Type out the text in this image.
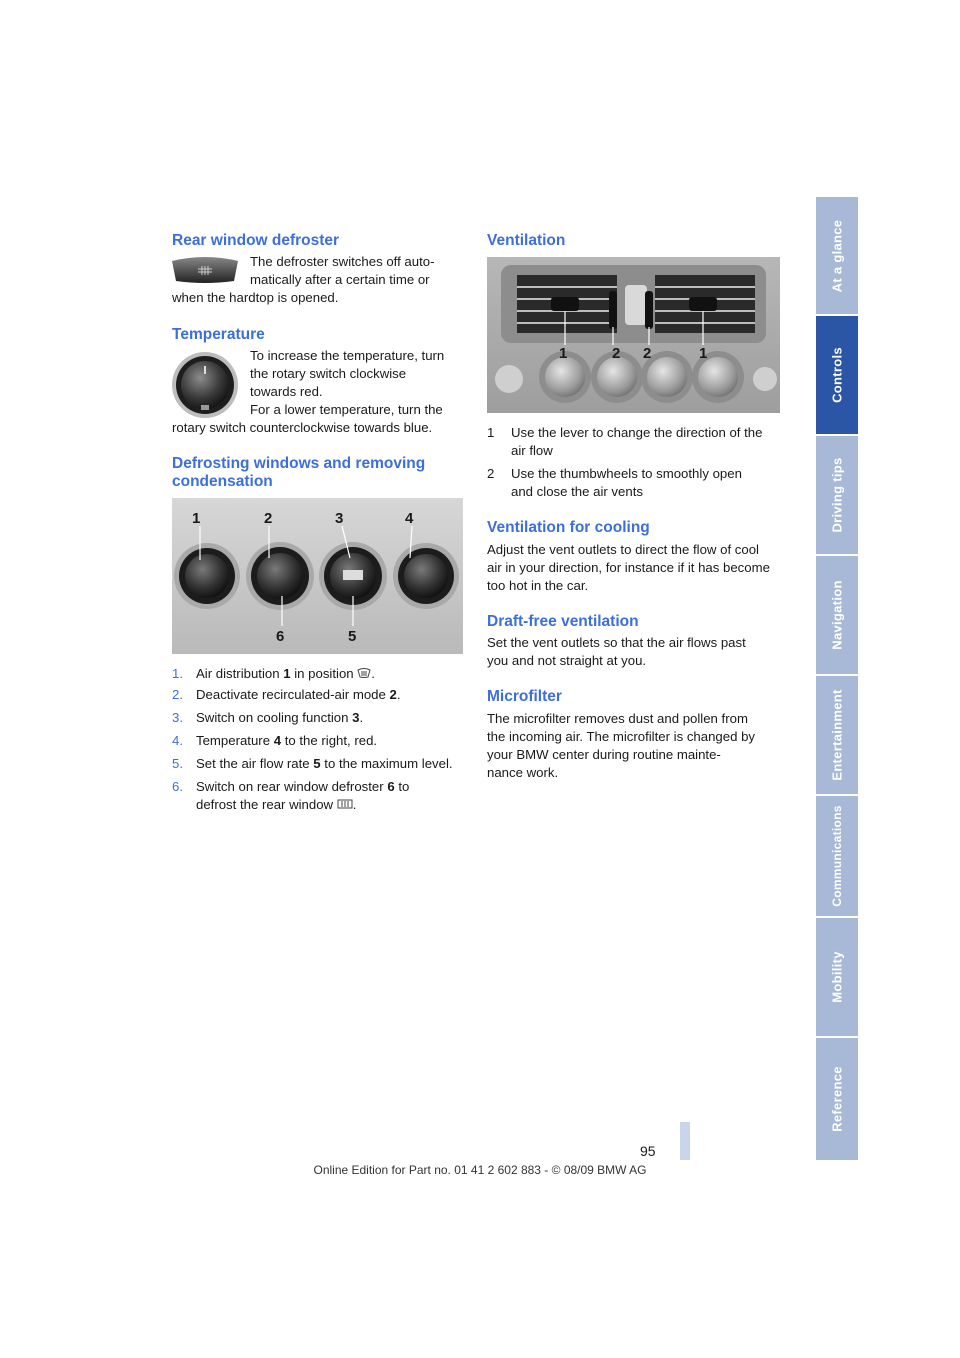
Rear window defroster

The defroster switches off auto-

matically after a certain time or

when the hardtop is opened.

Temperature

To increase the temperature, turn

the rotary switch clockwise

towards red.

For a lower temperature, turn the

rotary switch counterclockwise towards blue.

Defrosting windows and removing
condensation
1	2	3	4
6	5
1. Air distribution 1 in position .
2. Deactivate recirculated-air mode 2.
3. Switch on cooling function 3.
4. Temperature 4 to the right, red.
5. Set the air flow rate 5 to the maximum level.
6. Switch on rear window defroster 6 to
defrost the rear window .
Ventilation
1	2 2	1
1 Use the lever to change the direction of the
air flow
2 Use the thumbwheels to smoothly open
and close the air vents
Ventilation for cooling

Adjust the vent outlets to direct the flow of cool

air in your direction, for instance if it has become

too hot in the car.

Draft-free ventilation

Set the vent outlets so that the air flows past

you and not straight at you.

Microfilter

The microfilter removes dust and pollen from

the incoming air. The microfilter is changed by

your BMW center during routine mainte-

nance work.

At a glance
Controls
Driving tips
Navigation
Entertainment
Communications
Mobility
Reference
95
Online Edition for Part no. 01 41 2 602 883 - © 08/09 BMW AG
